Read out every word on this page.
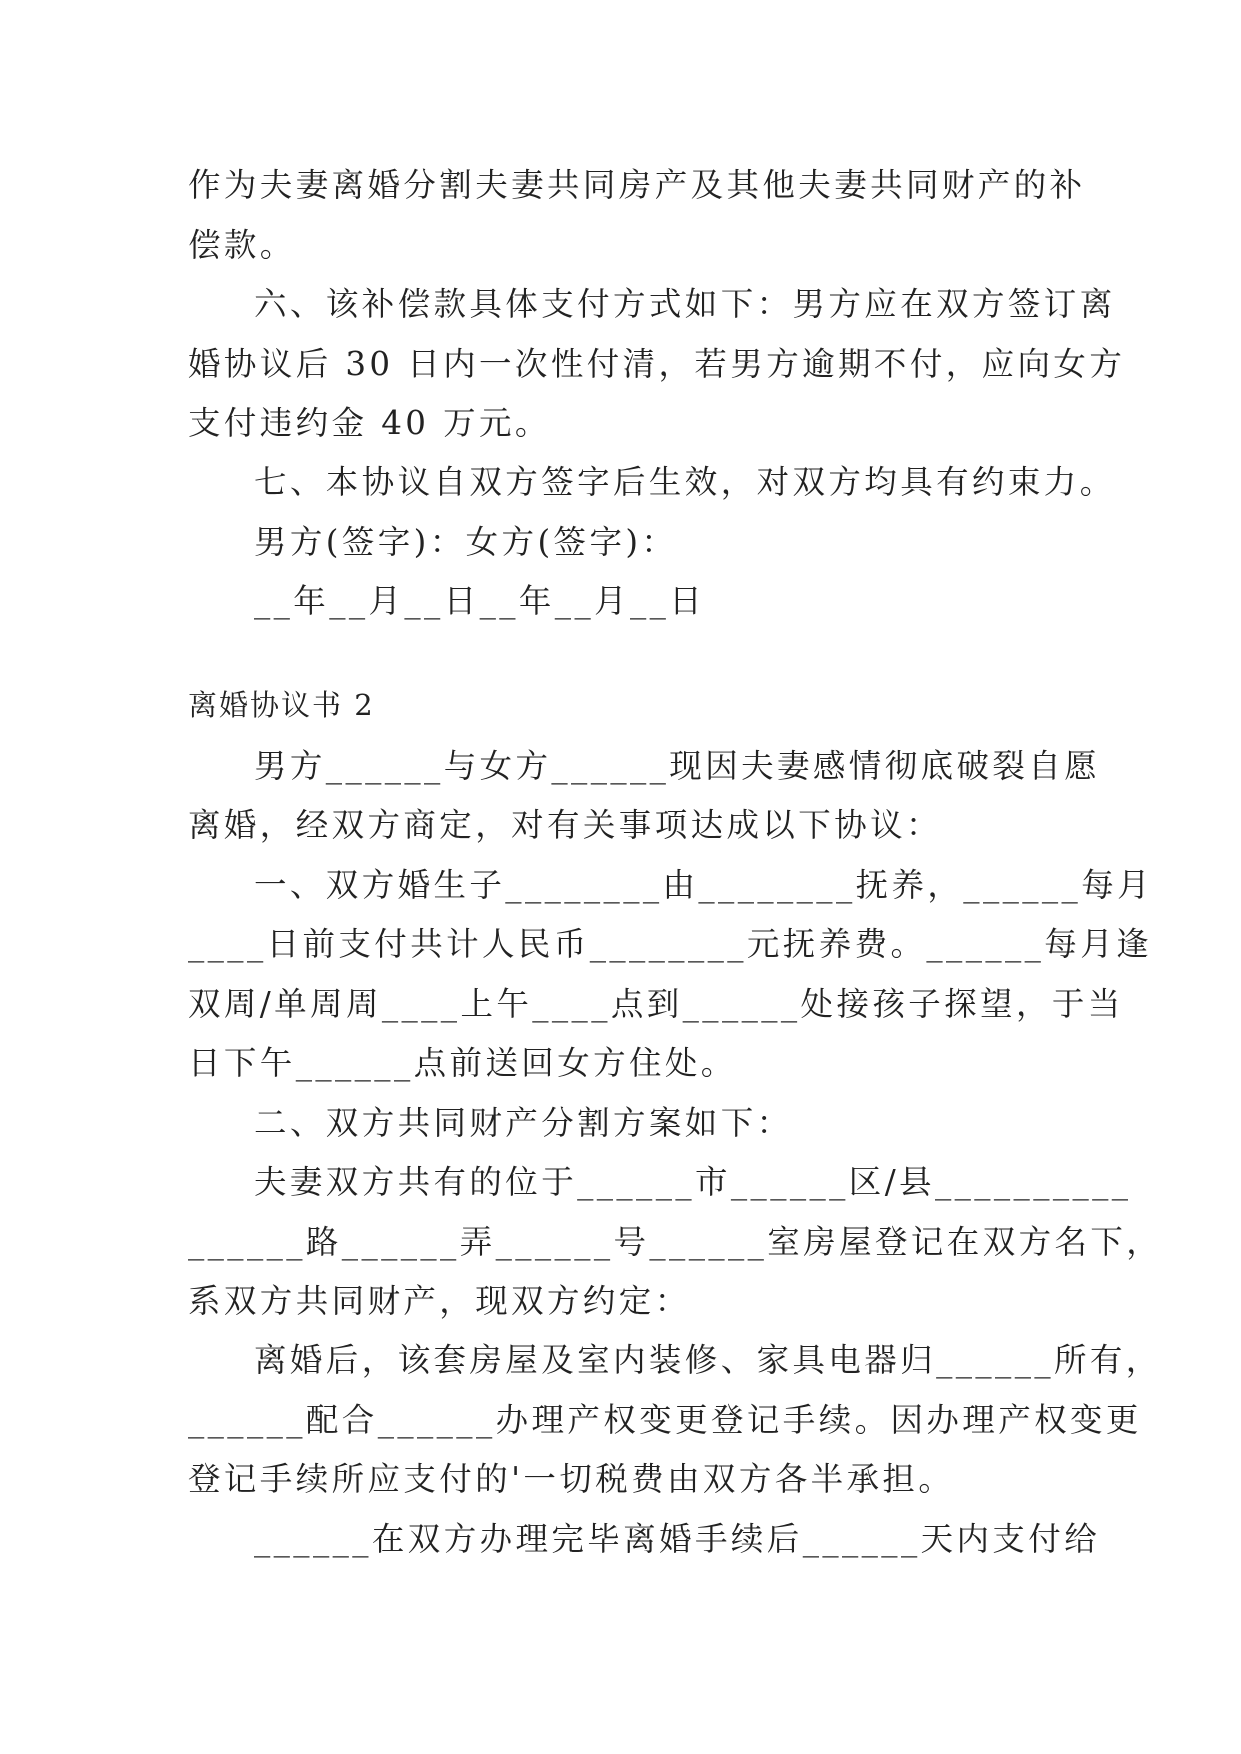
作为夫妻离婚分割夫妻共同房产及其他夫妻共同财产的补
偿款。
六、该补偿款具体支付方式如下：男方应在双方签订离
婚协议后 30 日内一次性付清，若男方逾期不付，应向女方
支付违约金 40 万元。
七、本协议自双方签字后生效，对双方均具有约束力。
男方(签字)：女方(签字)：
__年__月__日__年__月__日
离婚协议书 2
男方______与女方______现因夫妻感情彻底破裂自愿
离婚，经双方商定，对有关事项达成以下协议：
一、双方婚生子________由________抚养，______每月
____日前支付共计人民币________元抚养费。______每月逢
双周/单周周____上午____点到______处接孩子探望，于当
日下午______点前送回女方住处。
二、双方共同财产分割方案如下：
夫妻双方共有的位于______市______区/县__________
______路______弄______号______室房屋登记在双方名下，
系双方共同财产，现双方约定：
离婚后，该套房屋及室内装修、家具电器归______所有，
______配合______办理产权变更登记手续。因办理产权变更
登记手续所应支付的'一切税费由双方各半承担。
______在双方办理完毕离婚手续后______天内支付给
